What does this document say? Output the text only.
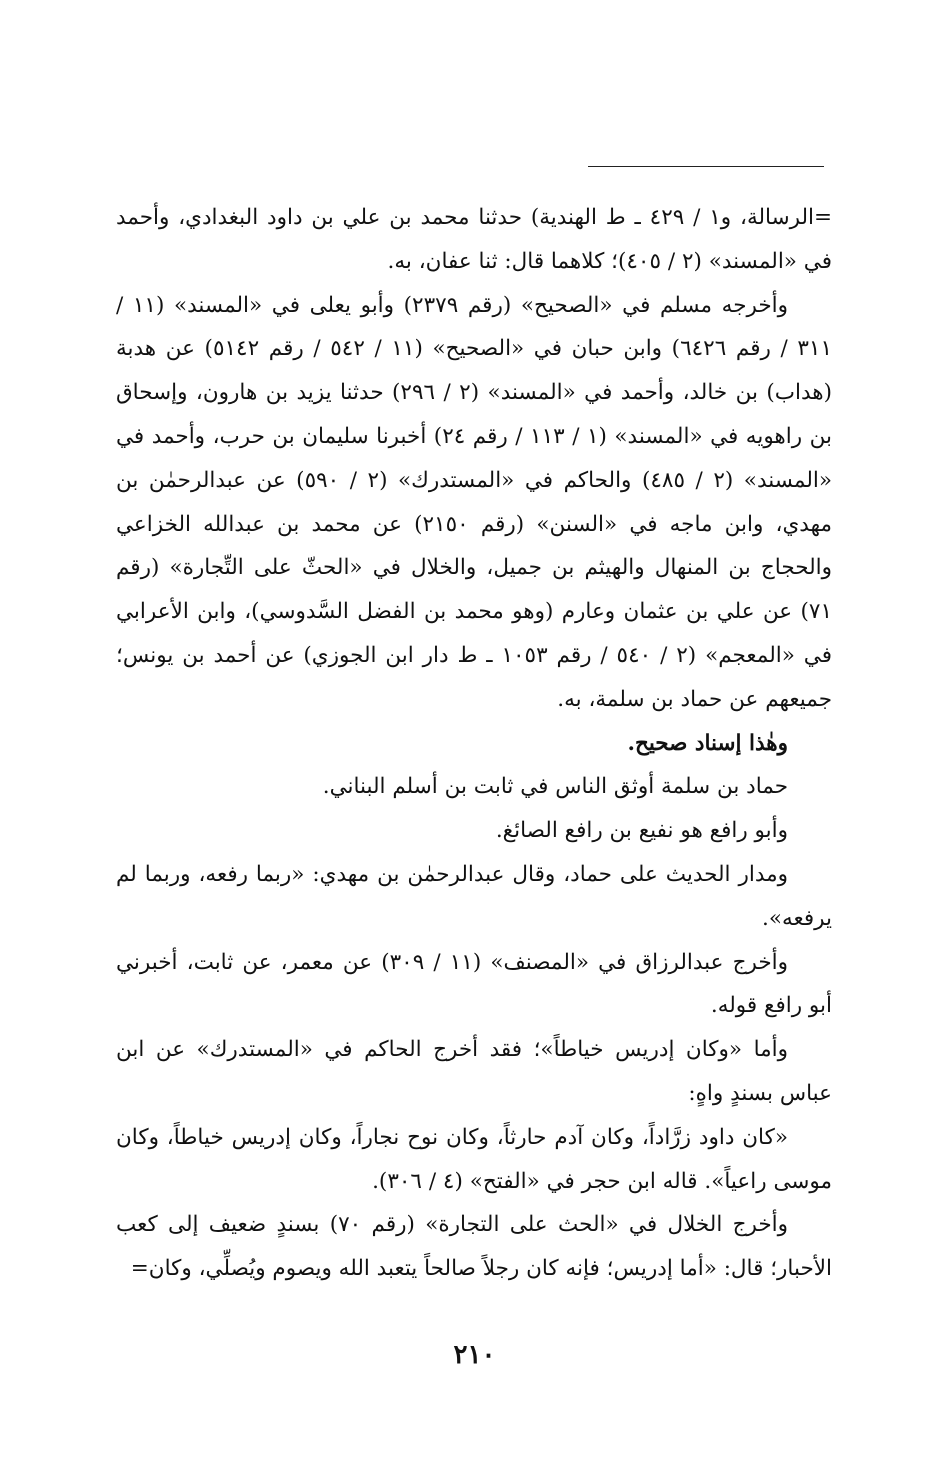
=الرسالة، و١ / ٤٢٩ ـ ط الهندية) حدثنا محمد بن علي بن داود البغدادي، وأحمد في «المسند» (٢ / ٤٠٥)؛ كلاهما قال: ثنا عفان، به.

وأخرجه مسلم في «الصحيح» (رقم ٢٣٧٩) وأبو يعلى في «المسند» (١١ / ٣١١ / رقم ٦٤٢٦) وابن حبان في «الصحيح» (١١ / ٥٤٢ / رقم ٥١٤٢) عن هدبة (هداب) بن خالد، وأحمد في «المسند» (٢ / ٢٩٦) حدثنا يزيد بن هارون، وإسحاق بن راهويه في «المسند» (١ / ١١٣ / رقم ٢٤) أخبرنا سليمان بن حرب، وأحمد في «المسند» (٢ / ٤٨٥) والحاكم في «المستدرك» (٢ / ٥٩٠) عن عبدالرحمٰن بن مهدي، وابن ماجه في «السنن» (رقم ٢١٥٠) عن محمد بن عبدالله الخزاعي والحجاج بن المنهال والهيثم بن جميل، والخلال في «الحثّ على التِّجارة» (رقم ٧١) عن علي بن عثمان وعارم (وهو محمد بن الفضل السَّدوسي)، وابن الأعرابي في «المعجم» (٢ / ٥٤٠ / رقم ١٠٥٣ ـ ط دار ابن الجوزي) عن أحمد بن يونس؛ جميعهم عن حماد بن سلمة، به.

وهٰذا إسناد صحيح.

حماد بن سلمة أوثق الناس في ثابت بن أسلم البناني.

وأبو رافع هو نفيع بن رافع الصائغ.

ومدار الحديث على حماد، وقال عبدالرحمٰن بن مهدي: «ربما رفعه، وربما لم يرفعه».

وأخرج عبدالرزاق في «المصنف» (١١ / ٣٠٩) عن معمر، عن ثابت، أخبرني أبو رافع قوله.

وأما «وكان إدريس خياطاً»؛ فقد أخرج الحاكم في «المستدرك» عن ابن عباس بسندٍ واهٍ:

«كان داود زرَّاداً، وكان آدم حارثاً، وكان نوح نجاراً، وكان إدريس خياطاً، وكان موسى راعياً». قاله ابن حجر في «الفتح» (٤ / ٣٠٦).

وأخرج الخلال في «الحث على التجارة» (رقم ٧٠) بسندٍ ضعيف إلى كعب الأحبار؛ قال: «أما إدريس؛ فإنه كان رجلاً صالحاً يتعبد الله ويصوم ويُصلِّي، وكان=

٢١٠
